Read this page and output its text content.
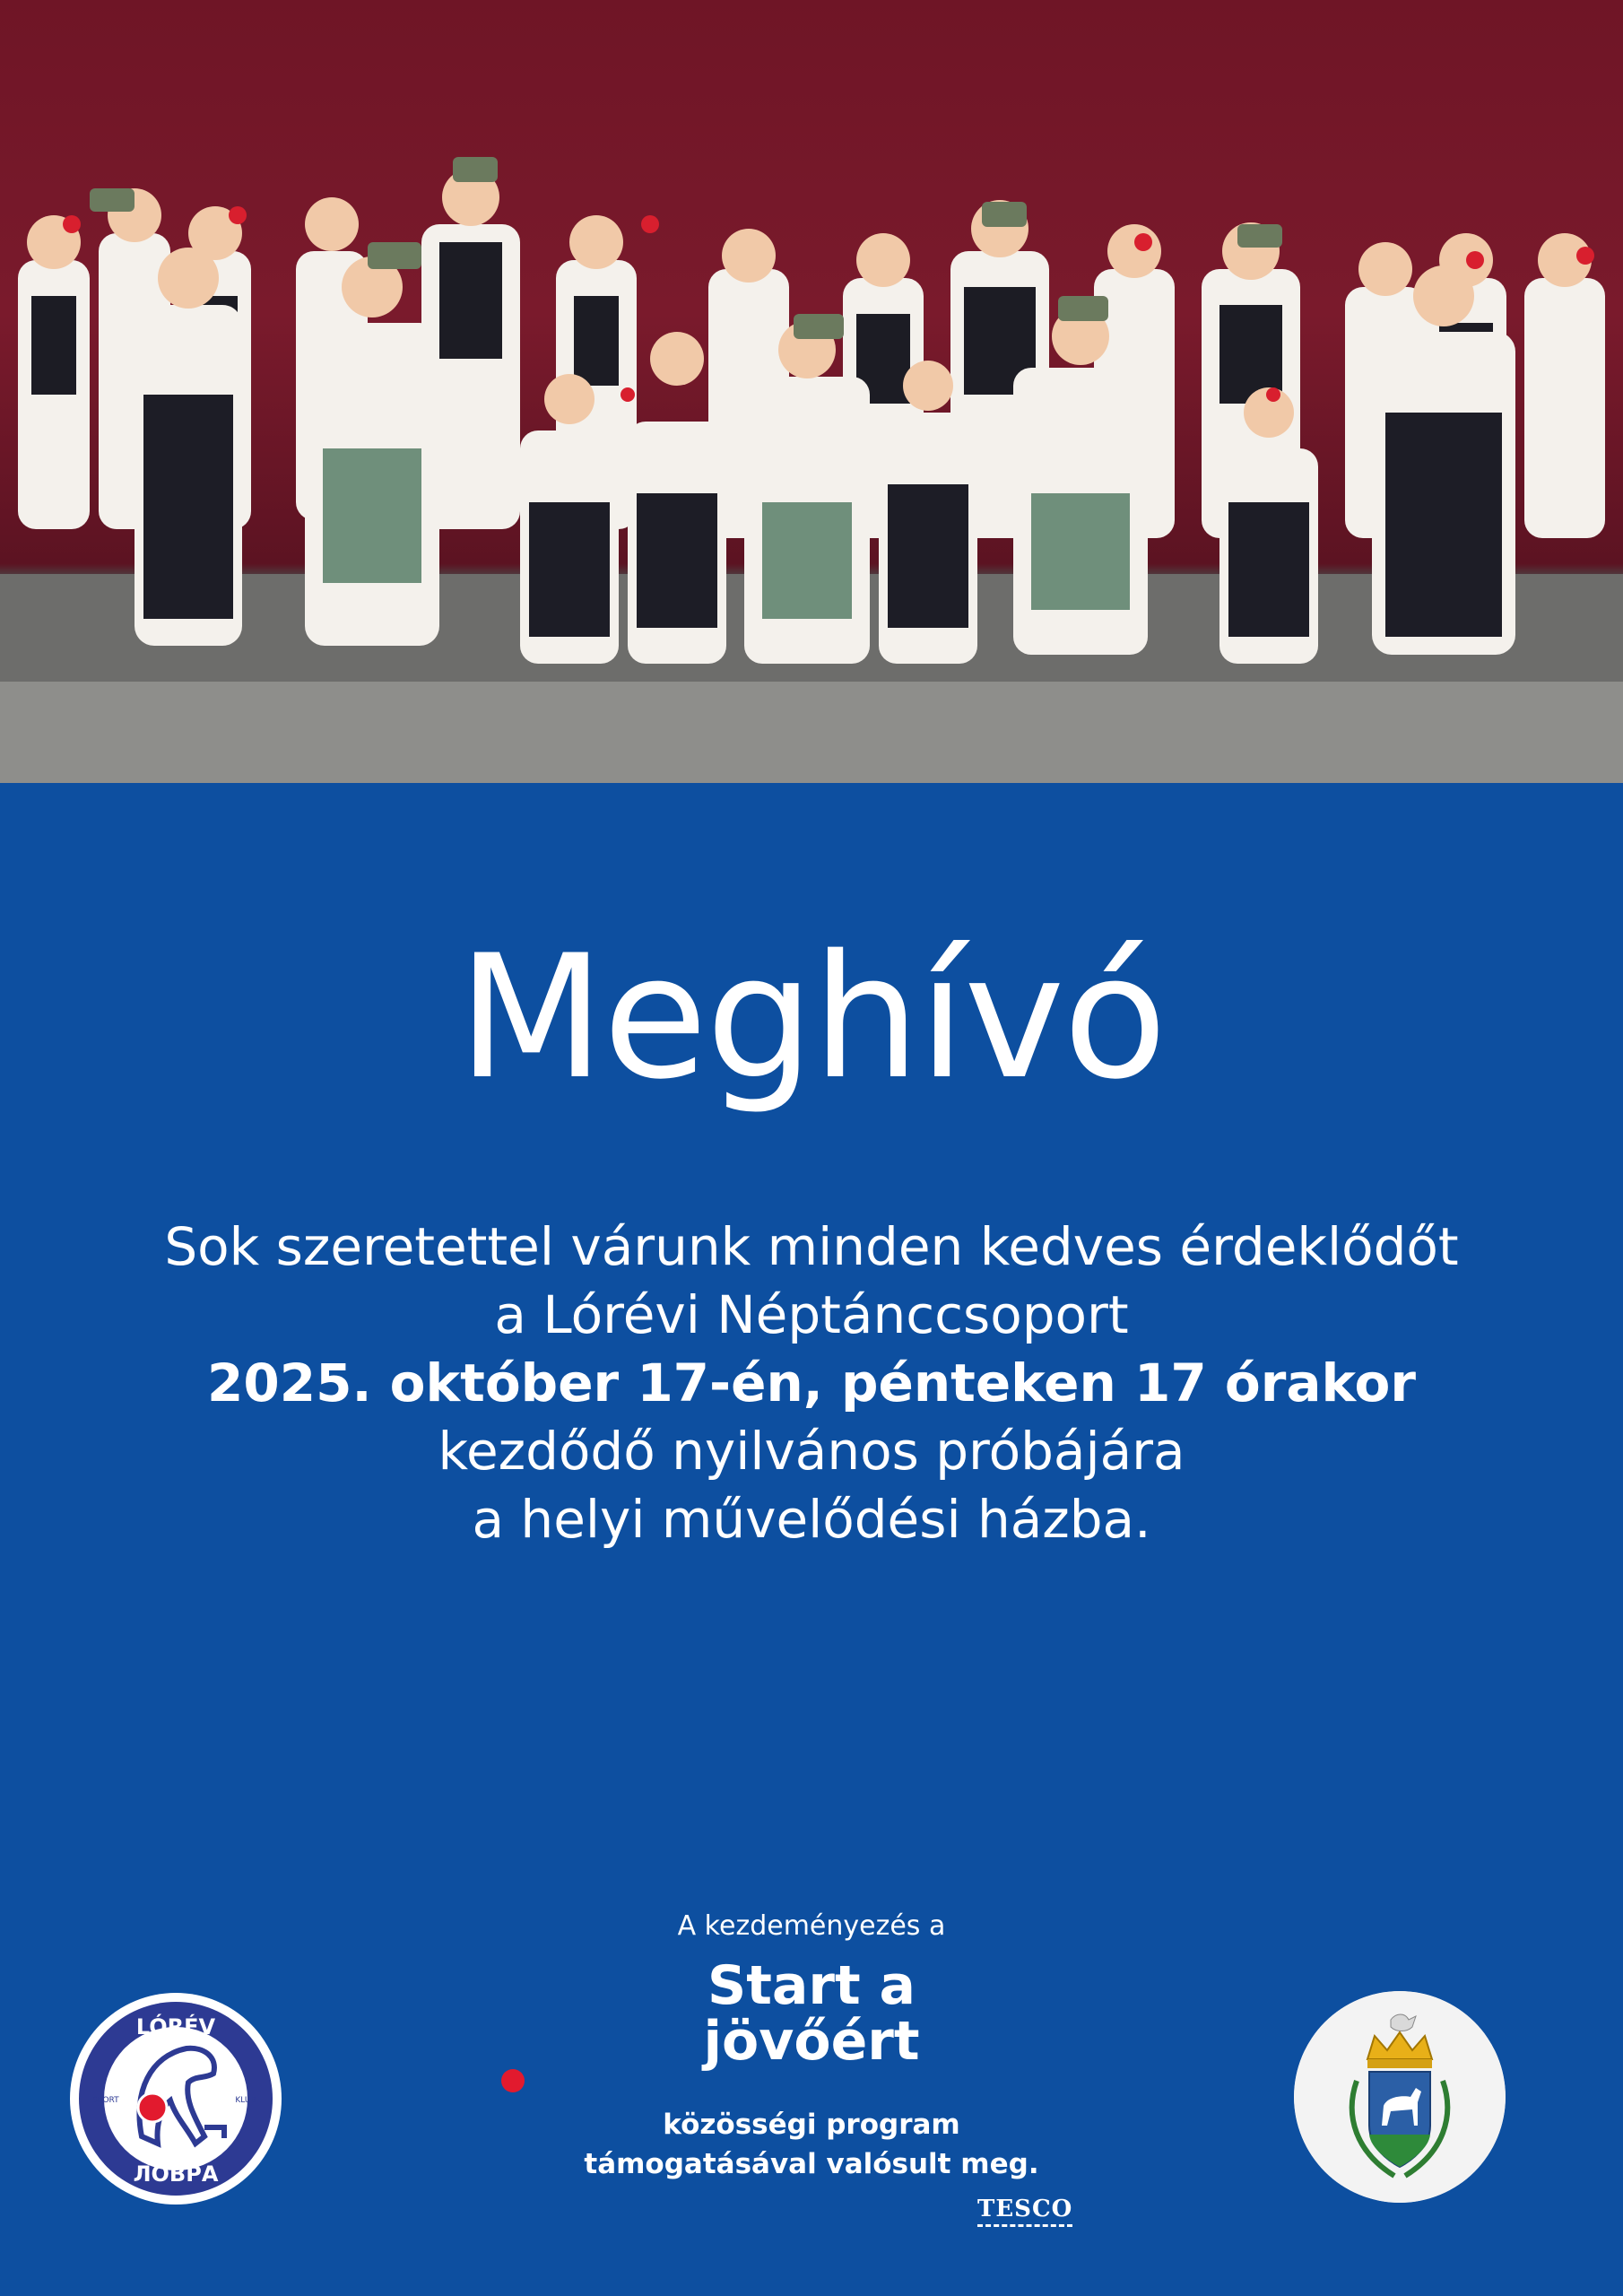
Meghívó
Sok szeretettel várunk minden kedves érdeklődőt
a Lórévi Néptánccsoport
2025. október 17-én, pénteken 17 órakor
kezdődő nyilvános próbájára
a helyi művelődési házba.
A kezdeményezés a
Start a
jövőért
közösségi program
támogatásával valósult meg.
TESCO
LÓRÉV
ЛОВРА
SPORT	KLUB
